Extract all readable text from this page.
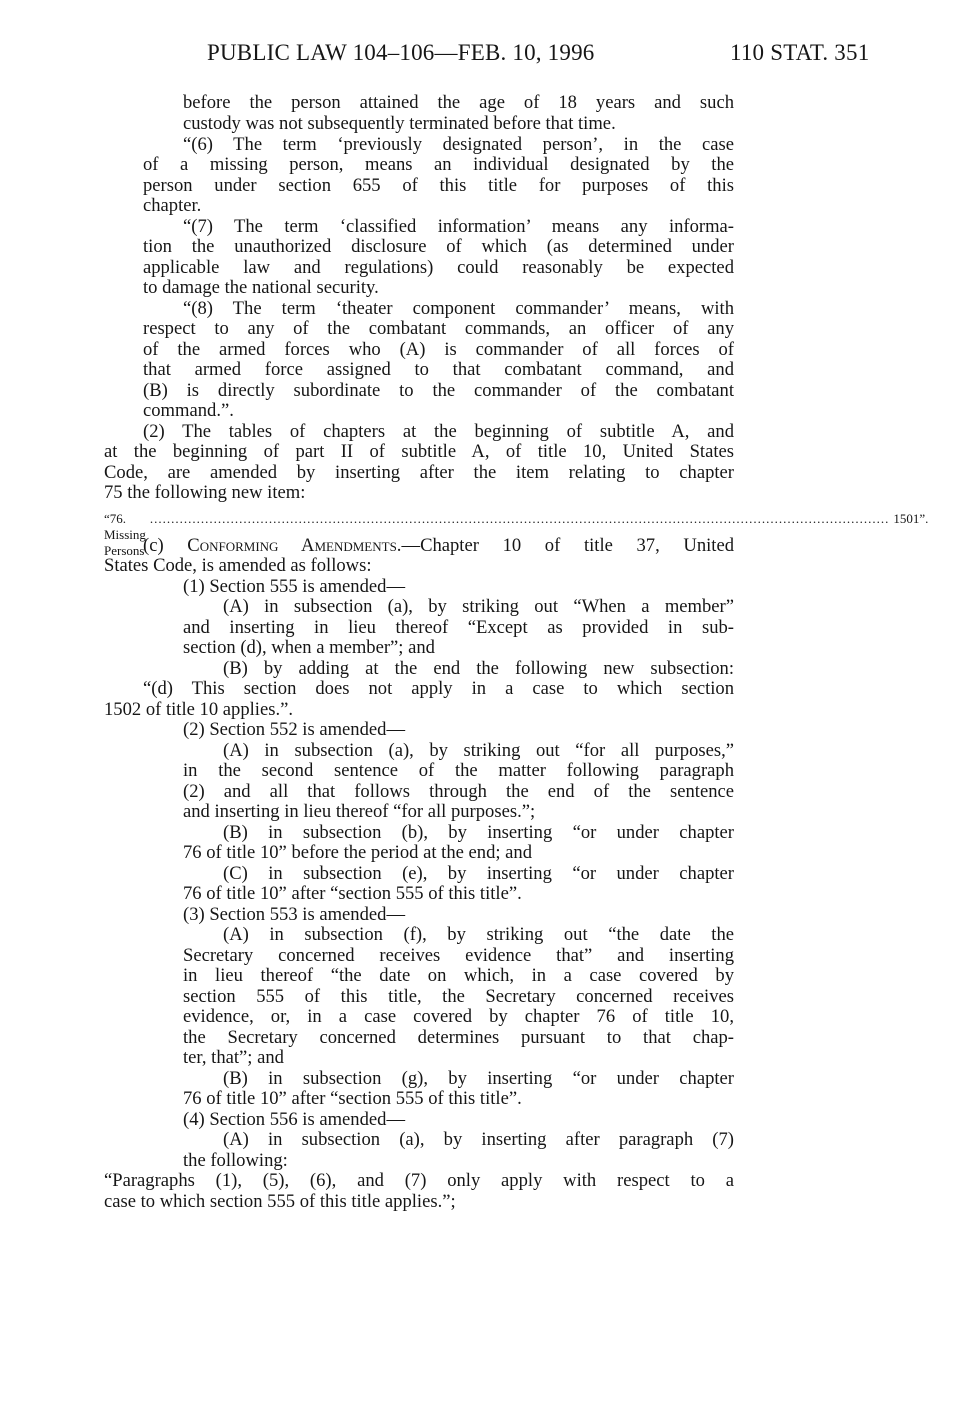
PUBLIC LAW 104–106—FEB. 10, 1996	110 STAT. 351
before the person attained the age of 18 years and such
custody was not subsequently terminated before that time.
“(6) The term ‘previously designated person’, in the case
of a missing person, means an individual designated by the
person under section 655 of this title for purposes of this
chapter.
“(7) The term ‘classified information’ means any informa-
tion the unauthorized disclosure of which (as determined under
applicable law and regulations) could reasonably be expected
to damage the national security.
“(8) The term ‘theater component commander’ means, with
respect to any of the combatant commands, an officer of any
of the armed forces who (A) is commander of all forces of
that armed force assigned to that combatant command, and
(B) is directly subordinate to the commander of the combatant
command.”.
(2) The tables of chapters at the beginning of subtitle A, and
at the beginning of part II of subtitle A, of title 10, United States
Code, are amended by inserting after the item relating to chapter
75 the following new item:
“76. Missing Persons
.............................................................................................................................................................................. 1501”.
(c) Conforming Amendments.—Chapter 10 of title 37, United
States Code, is amended as follows:
(1) Section 555 is amended—
(A) in subsection (a), by striking out “When a member”
and inserting in lieu thereof “Except as provided in sub-
section (d), when a member”; and
(B) by adding at the end the following new subsection:
“(d) This section does not apply in a case to which section
1502 of title 10 applies.”.
(2) Section 552 is amended—
(A) in subsection (a), by striking out “for all purposes,”
in the second sentence of the matter following paragraph
(2) and all that follows through the end of the sentence
and inserting in lieu thereof “for all purposes.”;
(B) in subsection (b), by inserting “or under chapter
76 of title 10” before the period at the end; and
(C) in subsection (e), by inserting “or under chapter
76 of title 10” after “section 555 of this title”.
(3) Section 553 is amended—
(A) in subsection (f), by striking out “the date the
Secretary concerned receives evidence that” and inserting
in lieu thereof “the date on which, in a case covered by
section 555 of this title, the Secretary concerned receives
evidence, or, in a case covered by chapter 76 of title 10,
the Secretary concerned determines pursuant to that chap-
ter, that”; and
(B) in subsection (g), by inserting “or under chapter
76 of title 10” after “section 555 of this title”.
(4) Section 556 is amended—
(A) in subsection (a), by inserting after paragraph (7)
the following:
“Paragraphs (1), (5), (6), and (7) only apply with respect to a
case to which section 555 of this title applies.”;
